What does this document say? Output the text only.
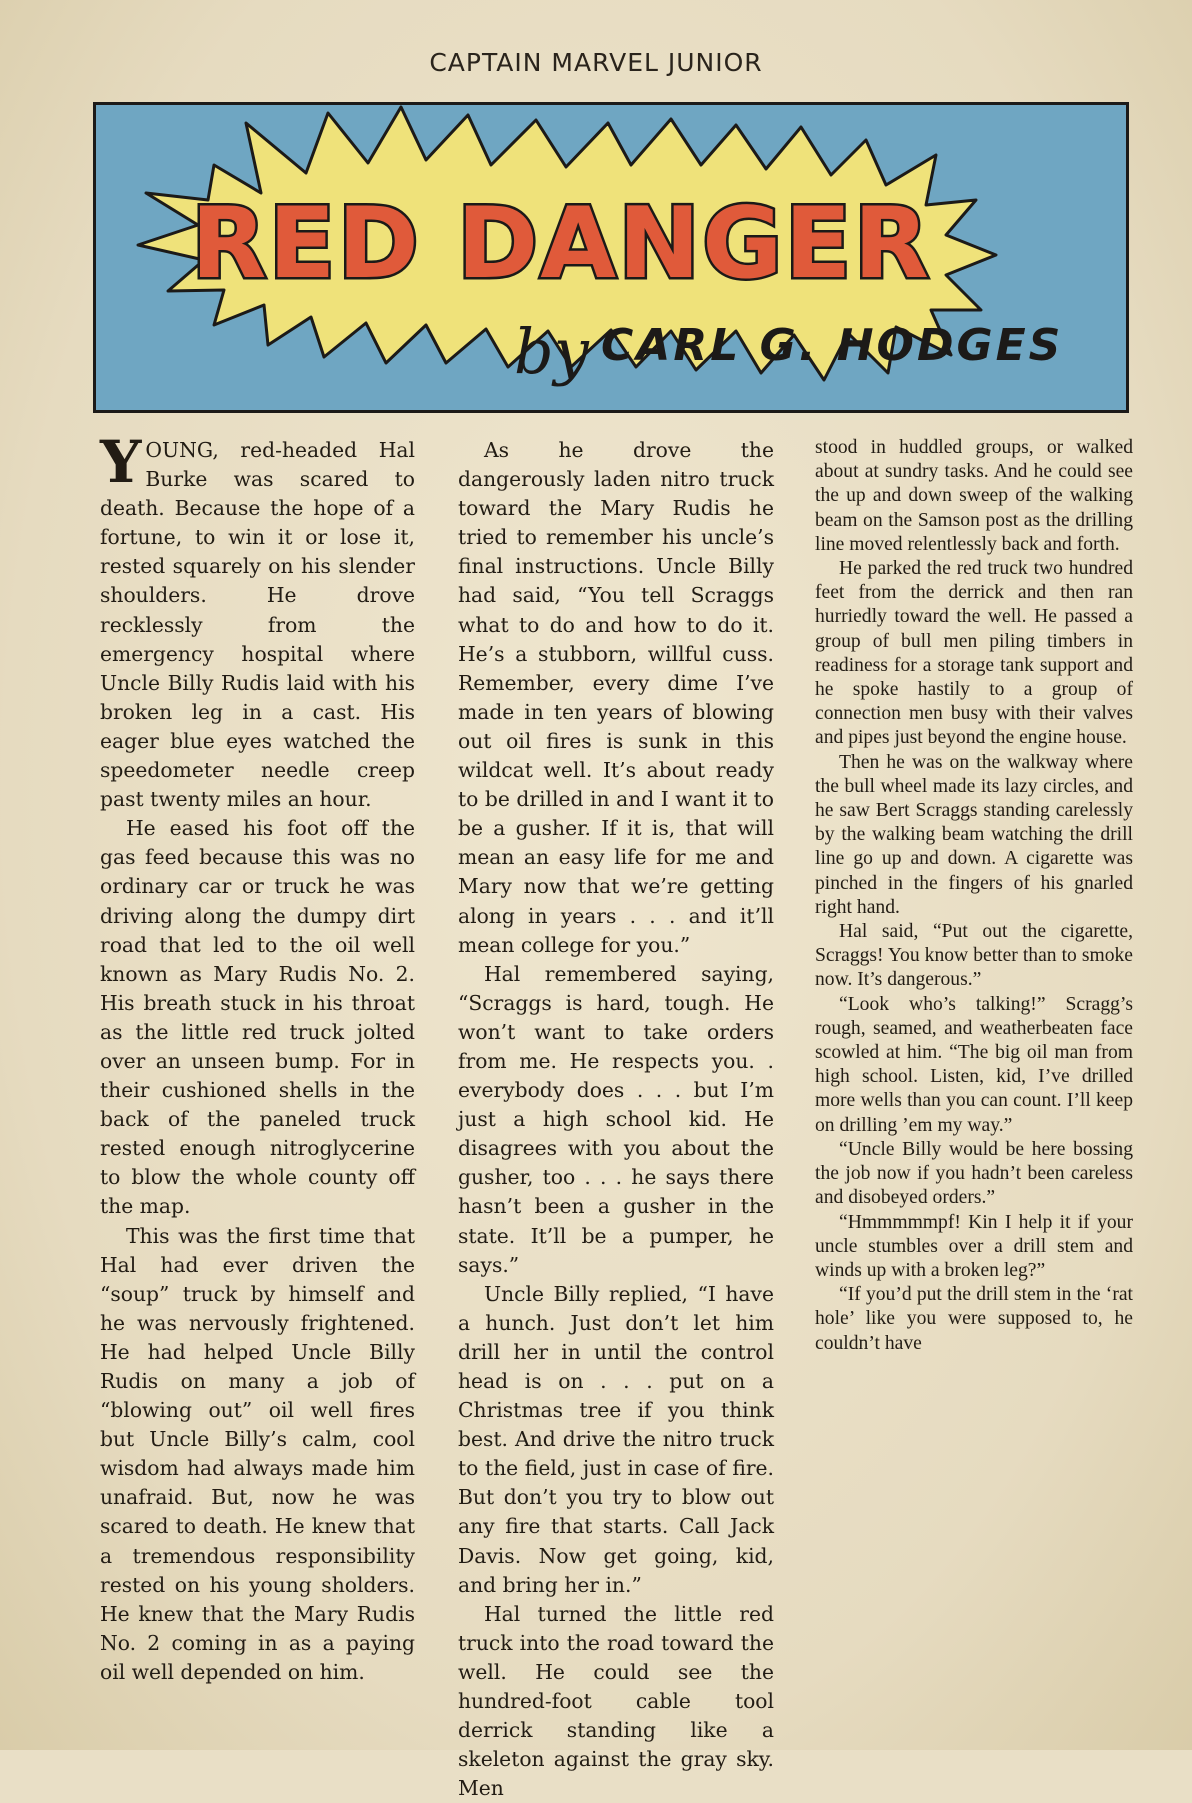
CAPTAIN MARVEL JUNIOR
RED DANGER
by CARL G. HODGES

YOUNG, red-headed Hal Burke was scared to death. Because the hope of a fortune, to win it or lose it, rested squarely on his slender shoulders. He drove recklessly from the emergency hospital where Uncle Billy Rudis laid with his broken leg in a cast. His eager blue eyes watched the speedometer needle creep past twenty miles an hour.

He eased his foot off the gas feed because this was no ordinary car or truck he was driving along the dumpy dirt road that led to the oil well known as Mary Rudis No. 2. His breath stuck in his throat as the little red truck jolted over an unseen bump. For in their cushioned shells in the back of the paneled truck rested enough nitroglycerine to blow the whole county off the map.

This was the first time that Hal had ever driven the “soup” truck by himself and he was nervously frightened. He had helped Uncle Billy Rudis on many a job of “blowing out” oil well fires but Uncle Billy’s calm, cool wisdom had always made him unafraid. But, now he was scared to death. He knew that a tremendous responsibility rested on his young sholders. He knew that the Mary Rudis No. 2 coming in as a paying oil well depended on him.

As he drove the dangerously laden nitro truck toward the Mary Rudis he tried to remember his uncle’s final instructions. Uncle Billy had said, “You tell Scraggs what to do and how to do it. He’s a stubborn, willful cuss. Remember, every dime I’ve made in ten years of blowing out oil fires is sunk in this wildcat well. It’s about ready to be drilled in and I want it to be a gusher. If it is, that will mean an easy life for me and Mary now that we’re getting along in years . . . and it’ll mean college for you.”

Hal remembered saying, “Scraggs is hard, tough. He won’t want to take orders from me. He respects you. . everybody does . . . but I’m just a high school kid. He disagrees with you about the gusher, too . . . he says there hasn’t been a gusher in the state. It’ll be a pumper, he says.”

Uncle Billy replied, “I have a hunch. Just don’t let him drill her in until the control head is on . . . put on a Christmas tree if you think best. And drive the nitro truck to the field, just in case of fire. But don’t you try to blow out any fire that starts. Call Jack Davis. Now get going, kid, and bring her in.”

Hal turned the little red truck into the road toward the well. He could see the hundred-foot cable tool derrick standing like a skeleton against the gray sky. Men

stood in huddled groups, or walked about at sundry tasks. And he could see the up and down sweep of the walking beam on the Samson post as the drilling line moved relentlessly back and forth.

He parked the red truck two hundred feet from the derrick and then ran hurriedly toward the well. He passed a group of bull men piling timbers in readiness for a storage tank support and he spoke hastily to a group of connection men busy with their valves and pipes just beyond the engine house.

Then he was on the walkway where the bull wheel made its lazy circles, and he saw Bert Scraggs standing carelessly by the walking beam watching the drill line go up and down. A cigarette was pinched in the fingers of his gnarled right hand.

Hal said, “Put out the cigarette, Scraggs! You know better than to smoke now. It’s dangerous.”

“Look who’s talking!” Scragg’s rough, seamed, and weatherbeaten face scowled at him. “The big oil man from high school. Listen, kid, I’ve drilled more wells than you can count. I’ll keep on drilling ’em my way.”

“Uncle Billy would be here bossing the job now if you hadn’t been careless and disobeyed orders.”

“Hmmmmmpf! Kin I help it if your uncle stumbles over a drill stem and winds up with a broken leg?”

“If you’d put the drill stem in the ‘rat hole’ like you were supposed to, he couldn’t have
